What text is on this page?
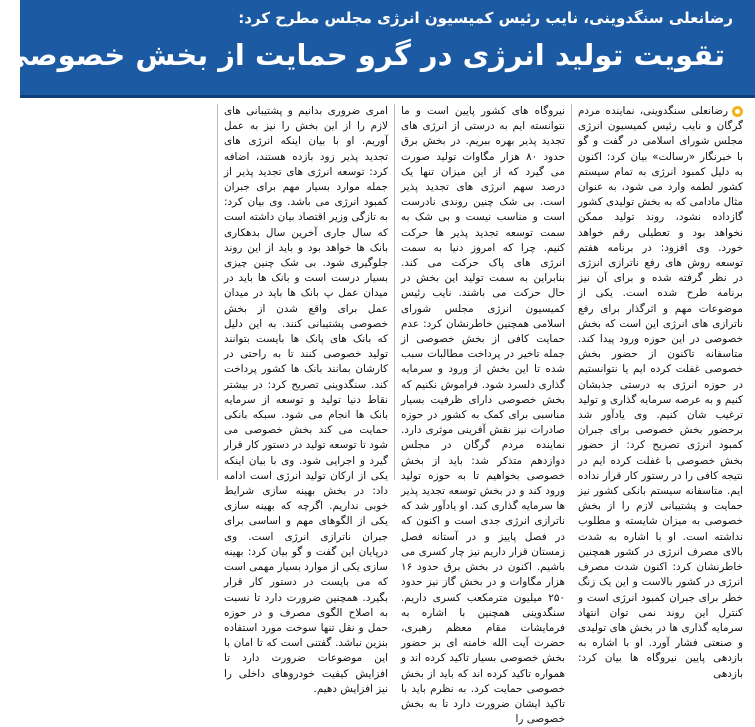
رضانعلی سنگدوینی، نایب رئیس کمیسیون انرژی مجلس مطرح کرد:
تقویت تولید انرژی در گرو حمایت از بخش خصوصی

رضانعلی سنگدوینی، نماینده مردم گرگان و نایب رئیس کمیسیون انرژی مجلس شورای اسلامی در گفت و گو با خبرنگار «رسالت» بیان کرد: اکنون به دلیل کمبود انرژی به تمام سیستم کشور لطمه وارد می شود، به عنوان مثال مادامی که به بخش تولیدی کشور گازداده نشود، روند تولید ممکن نخواهد بود و تعطیلی رقم خواهد خورد. وی افزود: در برنامه هفتم توسعه روش های رفع ناترازی انرژی در نظر گرفته شده و برای آن نیز برنامه طرح شده است. یکی از موضوعات مهم و اثرگذار برای رفع ناترازی های انرژی این است که بخش خصوصی در این حوزه ورود پیدا کند. متاسفانه تاکنون از حضور بخش خصوصی غفلت کرده ایم یا نتوانستیم در حوزه انرژی به درستی جذبشان کنیم و به عرصه سرمایه گذاری و تولید ترغیب شان کنیم. وی یادآور شد برحضور بخش خصوصی برای جبران کمبود انرژی تصریح کرد: از حضور بخش خصوصی با غفلت کرده ایم در نتیجه کافی را در رستور کار قرار نداده ایم. متاسفانه سیستم بانکی کشور نیز حمایت و پشتیبانی لازم را از بخش خصوصی به میزان شایسته و مطلوب نداشته است. او با اشاره به شدت بالای مصرف انرژی در کشور همچنین خاطرنشان کرد: اکنون شدت مصرف انرژی در کشور بالاست و این یک زنگ خطر برای جبران کمبود انرژی است و کنترل این روند نمی توان انتهاد سرمایه گذاری ها در بخش های تولیدی و صنعتی فشار آورد. او با اشاره به بازدهی پایین نیروگاه ها بیان کرد: بازدهی

نیروگاه های کشور پایین است و ما نتوانسته ایم به درستی از انرژی های تجدید پذیر بهره ببریم. در بخش برق حدود ۸۰ هزار مگاوات تولید صورت می گیرد که از این میزان تنها یک درصد سهم انرژی های تجدید پذیر است. بی شک چنین روندی نادرست است و مناسب نیست و بی شک به سمت توسعه تجدید پذیر ها حرکت کنیم. چرا که امروز دنیا به سمت انرژی های پاک حرکت می کند. بنابراین به سمت تولید این بخش در حال حرکت می باشند. نایب رئیس کمیسیون انرژی مجلس شورای اسلامی همچنین خاطرنشان کرد: عدم حمایت کافی از بخش خصوصی از جمله تاخیر در پرداخت مطالبات سبب شده تا این بخش از ورود و سرمایه گذاری دلسرد شود. فراموش نکنیم که بخش خصوصی دارای ظرفیت بسیار مناسبی برای کمک به کشور در حوزه صادرات نیز نقش آفرینی موثری دارد. نماینده مردم گرگان در مجلس دوازدهم متذکر شد: باید از بخش خصوصی بخواهیم تا به حوزه تولید ورود کند و در بخش توسعه تجدید پذیر ها سرمایه گذاری کند. او یادآور شد که ناترازی انرژی جدی است و اکنون که در فصل پاییز و در آستانه فصل زمستان قرار داریم نیز چار کسری می باشیم. اکنون در بخش برق حدود ۱۶ هزار مگاوات و در بخش گاز نیز حدود ۲۵۰ میلیون مترمکعب کسری داریم. سنگدوینی همچنین با اشاره به فرمایشات مقام معظم رهبری، حضرت آیت الله خامنه ای بر حضور بخش خصوصی بسیار تاکید کرده اند و همواره تاکید کرده اند که باید از بخش خصوصی حمایت کرد. به نظرم باید با تاکید ایشان ضرورت دارد تا به بخش خصوصی را

امری ضروری بدانیم و پشتیبانی های لازم را از این بخش را نیز به عمل آوریم. او با بیان اینکه انرژی های تجدید پذیر زود بازده هستند، اضافه کرد: توسعه انرژی های تجدید پذیر از جمله موارد بسیار مهم برای جبران کمبود انرژی می باشد. وی بیان کرد: به تازگی وزیر اقتصاد بیان داشته است که سال جاری آخرین سال بدهکاری بانک ها خواهد بود و باید از این روند جلوگیری شود. بی شک چنین چیزی بسیار درست است و بانک ها باید در میدان عمل پ بانک ها باید در میدان عمل برای واقع شدن از بخش خصوصی پشتیبانی کنند. به این دلیل که بانک های پانک ها بایست بتوانند تولید خصوصی کنند تا به راحتی در کارشان بمانند بانک ها کشور پرداخت کند. سنگدوینی تصریح کرد: در بیشتر نقاط دنیا تولید و توسعه از سرمایه بانک ها انجام می شود. سبکه بانکی حمایت می کند بخش خصوصی می شود تا توسعه تولید در دستور کار قرار گیرد و اجرایی شود. وی با بیان اینکه یکی از ارکان تولید انرژی است ادامه داد: در بخش بهینه سازی شرایط خوبی نداریم. اگرچه که بهینه سازی یکی از الگوهای مهم و اساسی برای جبران ناترازی انرژی است. وی درپایان این گفت و گو بیان کرد: بهینه سازی یکی از موارد بسیار مهمی است که می بایست در دستور کار قرار بگیرد. همچنین ضرورت دارد تا نسبت به اصلاح الگوی مصرف و در حوزه حمل و نقل تنها سوخت مورد استفاده بنزین نباشد. گفتنی است که تا امان با این موضوعات ضرورت دارد تا افزایش کیفیت خودروهای داخلی را نیز افزایش دهیم.
